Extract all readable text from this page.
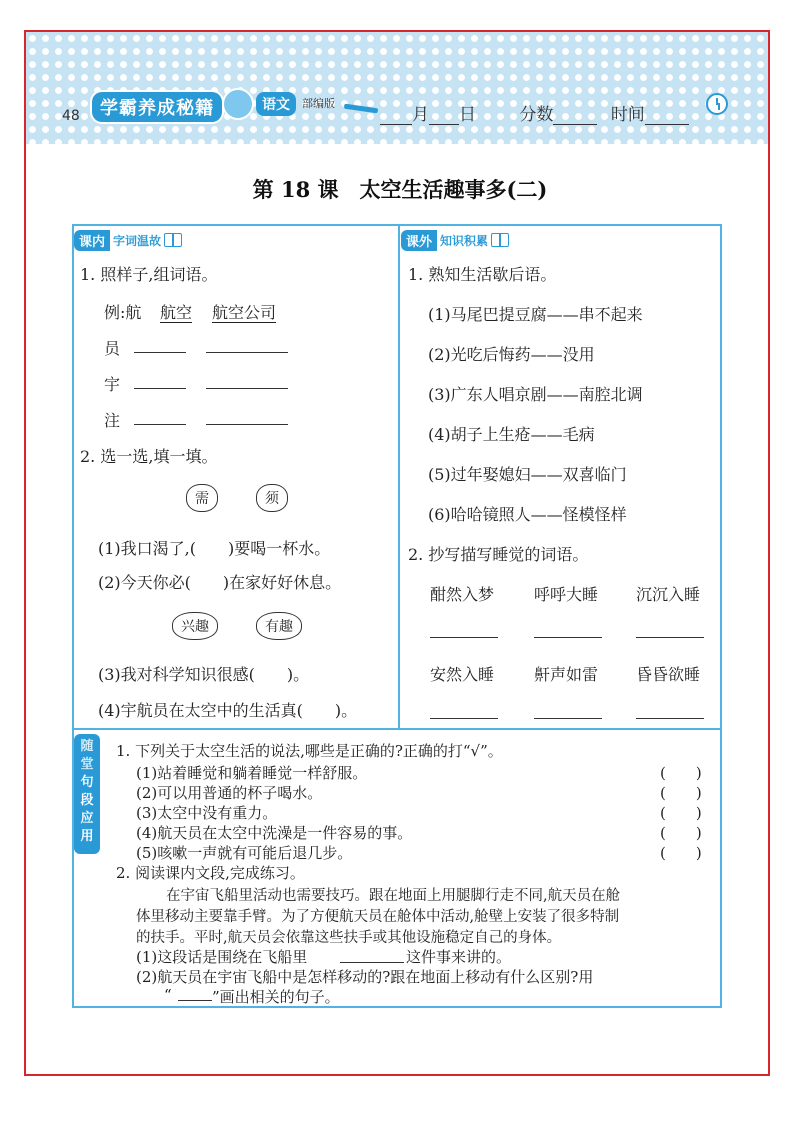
48	学霸养成秘籍	语文	部编版
月 日	分数	时间
第 18 课　太空生活趣事多(二)
课内 字词温故
1. 照样子,组词语。
例:航 航空 航空公司
员
宇
注
2. 选一选,填一填。
需	须
(1)我口渴了,(　　)要喝一杯水。
(2)今天你必(　　)在家好好休息。
兴趣	有趣
(3)我对科学知识很感(　　)。
(4)宇航员在太空中的生活真(　　)。
课外 知识积累
1. 熟知生活歇后语。
(1)马尾巴提豆腐——串不起来
(2)光吃后悔药——没用
(3)广东人唱京剧——南腔北调
(4)胡子上生疮——毛病
(5)过年娶媳妇——双喜临门
(6)哈哈镜照人——怪模怪样
2. 抄写描写睡觉的词语。
酣然入梦 呼呼大睡 沉沉入睡
安然入睡 鼾声如雷 昏昏欲睡
随
堂
句
段
应
用
1. 下列关于太空生活的说法,哪些是正确的?正确的打“√”。
(1)站着睡觉和躺着睡觉一样舒服。	(　　)
(2)可以用普通的杯子喝水。	(　　)
(3)太空中没有重力。	(　　)
(4)航天员在太空中洗澡是一件容易的事。	(　　)
(5)咳嗽一声就有可能后退几步。	(　　)
2. 阅读课内文段,完成练习。
在宇宙飞船里活动也需要技巧。跟在地面上用腿脚行走不同,航天员在舱
体里移动主要靠手臂。为了方便航天员在舱体中活动,舱壁上安装了很多特制
的扶手。平时,航天员会依靠这些扶手或其他设施稳定自己的身体。
(1)这段话是围绕在飞船里	这件事来讲的。
(2)航天员在宇宙飞船中是怎样移动的?跟在地面上移动有什么区别?用
“	”画出相关的句子。
